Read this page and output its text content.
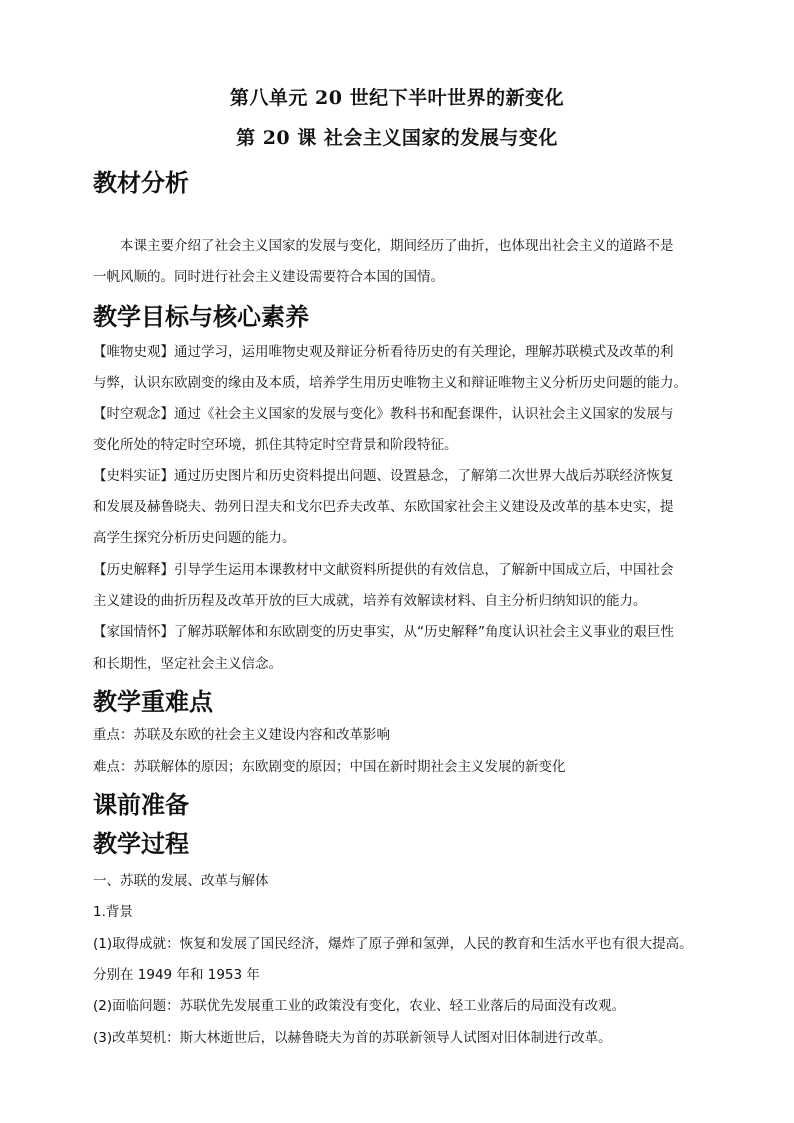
第八单元 20 世纪下半叶世界的新变化
第 20 课 社会主义国家的发展与变化
教材分析
本课主要介绍了社会主义国家的发展与变化，期间经历了曲折，也体现出社会主义的道路不是
一帆风顺的。同时进行社会主义建设需要符合本国的国情。
教学目标与核心素养
【唯物史观】通过学习，运用唯物史观及辩证分析看待历史的有关理论，理解苏联模式及改革的利
与弊，认识东欧剧变的缘由及本质，培养学生用历史唯物主义和辩证唯物主义分析历史问题的能力。
【时空观念】通过《社会主义国家的发展与变化》教科书和配套课件，认识社会主义国家的发展与
变化所处的特定时空环境，抓住其特定时空背景和阶段特征。
【史料实证】通过历史图片和历史资料提出问题、设置悬念，了解第二次世界大战后苏联经济恢复
和发展及赫鲁晓夫、勃列日涅夫和戈尔巴乔夫改革、东欧国家社会主义建设及改革的基本史实，提
高学生探究分析历史问题的能力。
【历史解释】引导学生运用本课教材中文献资料所提供的有效信息，了解新中国成立后，中国社会
主义建设的曲折历程及改革开放的巨大成就，培养有效解读材料、自主分析归纳知识的能力。
【家国情怀】了解苏联解体和东欧剧变的历史事实，从“历史解释”角度认识社会主义事业的艰巨性
和长期性，坚定社会主义信念。
教学重难点
重点：苏联及东欧的社会主义建设内容和改革影响
难点：苏联解体的原因；东欧剧变的原因；中国在新时期社会主义发展的新变化
课前准备
教学过程
一、苏联的发展、改革与解体
1.背景
(1)取得成就：恢复和发展了国民经济，爆炸了原子弹和氢弹，人民的教育和生活水平也有很大提高。
分别在 1949 年和 1953 年
(2)面临问题：苏联优先发展重工业的政策没有变化，农业、轻工业落后的局面没有改观。
(3)改革契机：斯大林逝世后，以赫鲁晓夫为首的苏联新领导人试图对旧体制进行改革。
